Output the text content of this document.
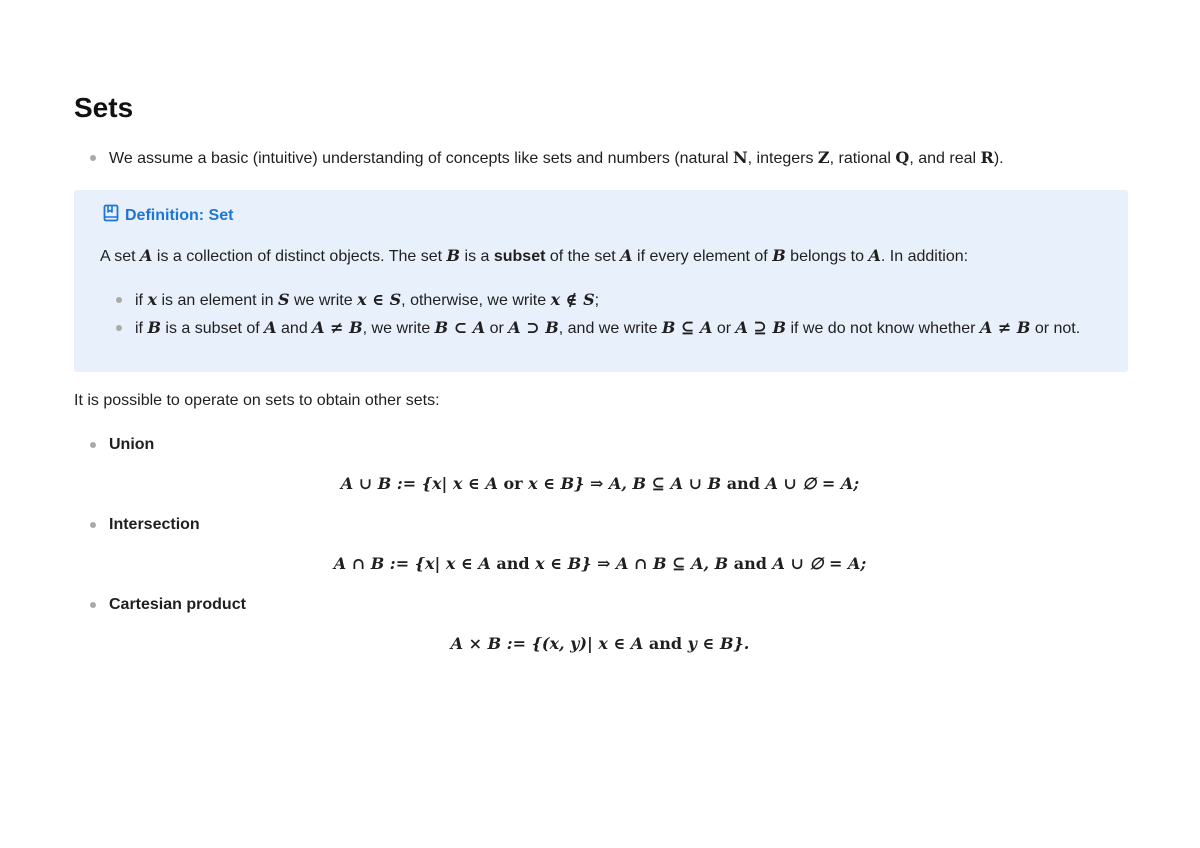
Sets
We assume a basic (intuitive) understanding of concepts like sets and numbers (natural N, integers Z, rational Q, and real R).
Definition: Set
A set A is a collection of distinct objects. The set B is a subset of the set A if every element of B belongs to A. In addition:
if x is an element in S we write x ∈ S, otherwise, we write x ∉ S;
if B is a subset of A and A ≠ B, we write B ⊂ A or A ⊃ B, and we write B ⊆ A or A ⊇ B if we do not know whether A ≠ B or not.
It is possible to operate on sets to obtain other sets:
Union
A ∪ B := {x| x ∈ A or x ∈ B} ⇒ A, B ⊆ A ∪ B and A ∪ ∅ = A;
Intersection
A ∩ B := {x| x ∈ A and x ∈ B} ⇒ A ∩ B ⊆ A, B and A ∪ ∅ = A;
Cartesian product
A × B := {(x, y)| x ∈ A and y ∈ B}.
